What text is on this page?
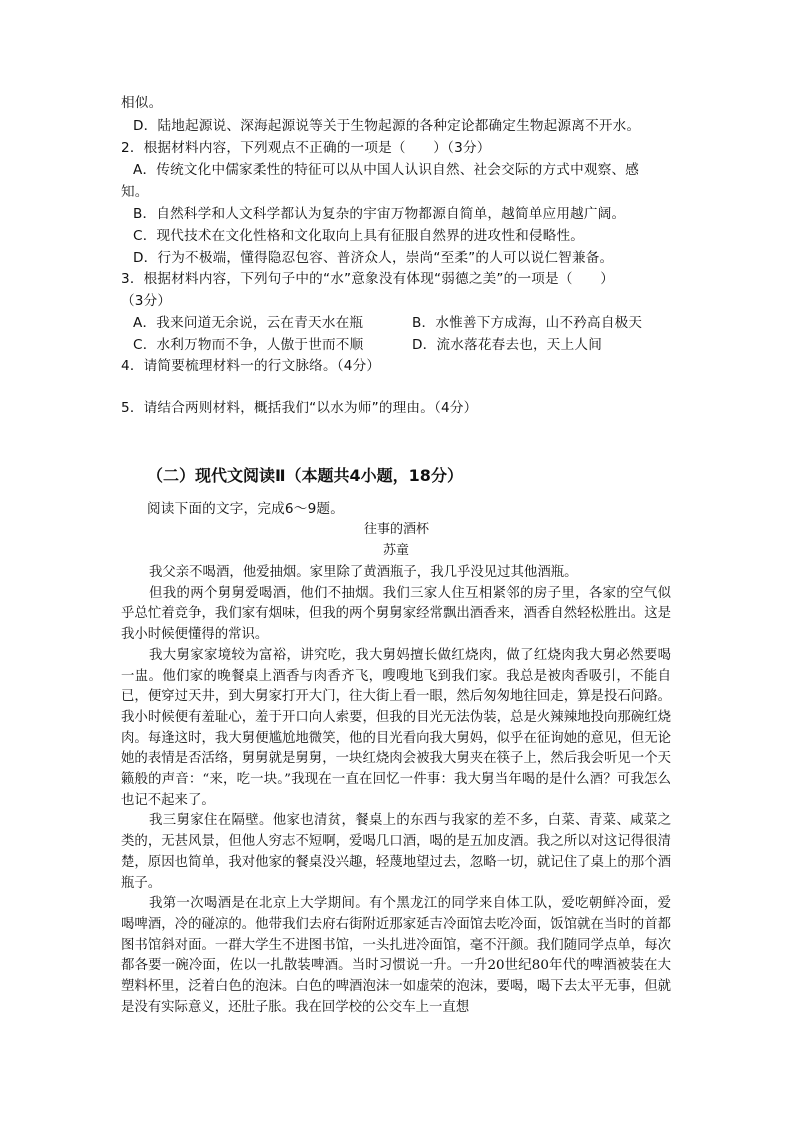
相似。
D．陆地起源说、深海起源说等关于生物起源的各种定论都确定生物起源离不开水。
2．根据材料内容，下列观点不正确的一项是（　　）（3分）
A．传统文化中儒家柔性的特征可以从中国人认识自然、社会交际的方式中观察、感
知。
B．自然科学和人文科学都认为复杂的宇宙万物都源自简单，越简单应用越广阔。
C．现代技术在文化性格和文化取向上具有征服自然界的进攻性和侵略性。
D．行为不极端，懂得隐忍包容、普济众人，崇尚“至柔”的人可以说仁智兼备。
3．根据材料内容，下列句子中的“水”意象没有体现“弱德之美”的一项是（　　）
（3分）
A．我来问道无余说，云在青天水在瓶	B．水惟善下方成海，山不矜高自极天
C．水利万物而不争，人傲于世而不顺	D．流水落花春去也，天上人间
4．请简要梳理材料一的行文脉络。（4分）
5．请结合两则材料，概括我们“以水为师”的理由。（4分）
（二）现代文阅读Ⅱ（本题共4小题，18分）
阅读下面的文字，完成6～9题。
往事的酒杯
苏童

我父亲不喝酒，他爱抽烟。家里除了黄酒瓶子，我几乎没见过其他酒瓶。

但我的两个舅舅爱喝酒，他们不抽烟。我们三家人住互相紧邻的房子里，各家的空气似乎总忙着竞争，我们家有烟味，但我的两个舅舅家经常飘出酒香来，酒香自然轻松胜出。这是我小时候便懂得的常识。

我大舅家家境较为富裕，讲究吃，我大舅妈擅长做红烧肉，做了红烧肉我大舅必然要喝一盅。他们家的晚餐桌上酒香与肉香齐飞，嗖嗖地飞到我们家。我总是被肉香吸引，不能自已，便穿过天井，到大舅家打开大门，往大街上看一眼，然后匆匆地往回走，算是投石问路。我小时候便有羞耻心，羞于开口向人索要，但我的目光无法伪装，总是火辣辣地投向那碗红烧肉。每逢这时，我大舅便尴尬地微笑，他的目光看向我大舅妈，似乎在征询她的意见，但无论她的表情是否活络，舅舅就是舅舅，一块红烧肉会被我大舅夹在筷子上，然后我会听见一个天籁般的声音：“来，吃一块。”我现在一直在回忆一件事：我大舅当年喝的是什么酒？可我怎么也记不起来了。

我三舅家住在隔壁。他家也清贫，餐桌上的东西与我家的差不多，白菜、青菜、咸菜之类的，无甚风景，但他人穷志不短啊，爱喝几口酒，喝的是五加皮酒。我之所以对这记得很清楚，原因也简单，我对他家的餐桌没兴趣，轻蔑地望过去，忽略一切，就记住了桌上的那个酒瓶子。

我第一次喝酒是在北京上大学期间。有个黑龙江的同学来自体工队，爱吃朝鲜冷面，爱喝啤酒，冷的碰凉的。他带我们去府右街附近那家延吉冷面馆去吃冷面，饭馆就在当时的首都图书馆斜对面。一群大学生不进图书馆，一头扎进冷面馆，毫不汗颜。我们随同学点单，每次都各要一碗冷面，佐以一扎散装啤酒。当时习惯说一升。一升20世纪80年代的啤酒被装在大塑料杯里，泛着白色的泡沫。白色的啤酒泡沫一如虚荣的泡沫，要喝，喝下去太平无事，但就是没有实际意义，还肚子胀。我在回学校的公交车上一直想
